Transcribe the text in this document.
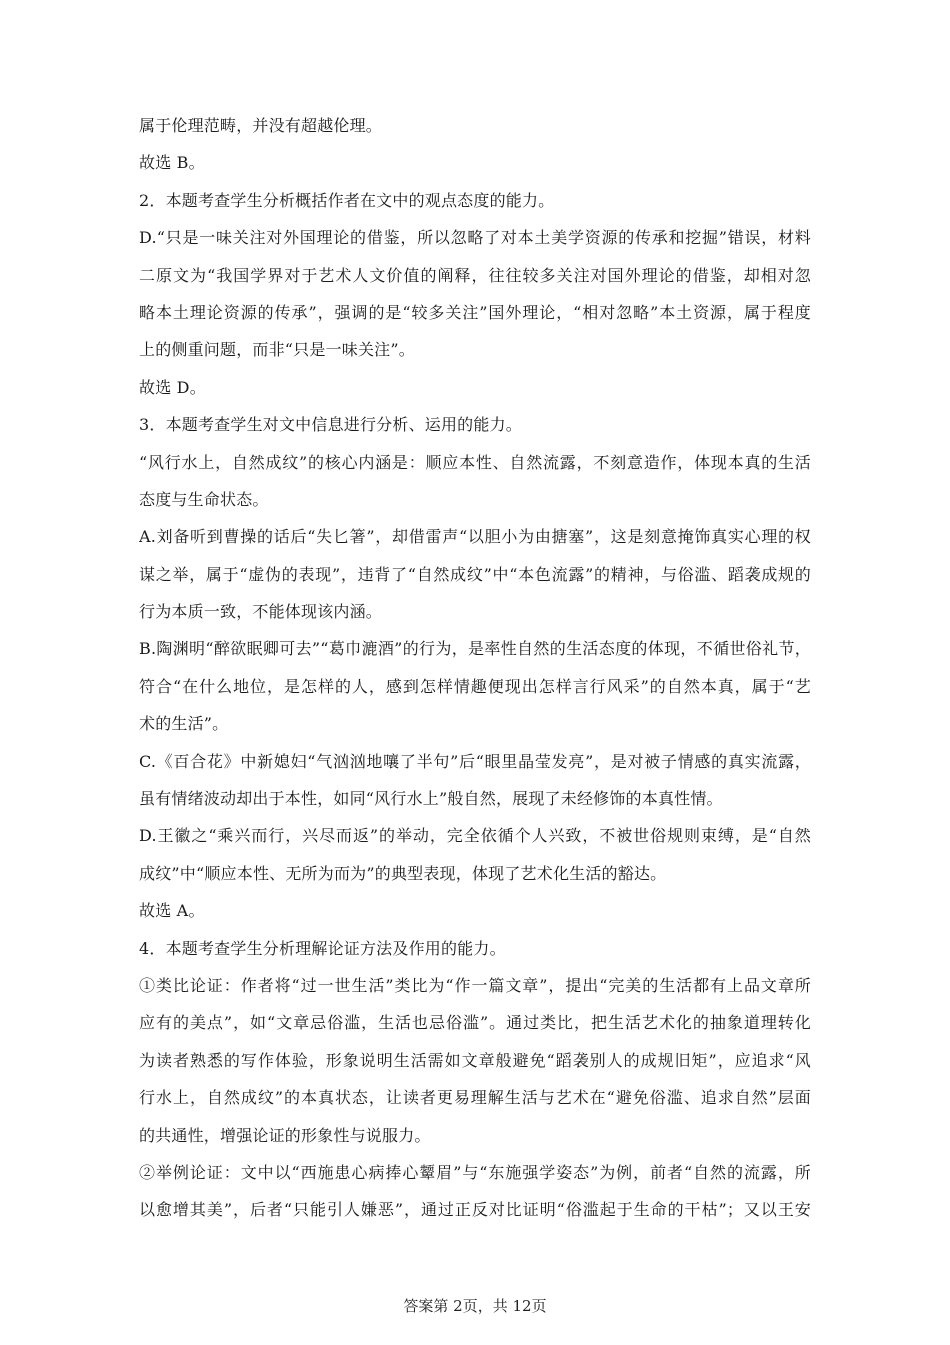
属于伦理范畴，并没有超越伦理。
故选 B。
2．本题考查学生分析概括作者在文中的观点态度的能力。
D.“只是一味关注对外国理论的借鉴，所以忽略了对本土美学资源的传承和挖掘”错误，材料
二原文为“我国学界对于艺术人文价值的阐释，往往较多关注对国外理论的借鉴，却相对忽
略本土理论资源的传承”，强调的是“较多关注”国外理论，“相对忽略”本土资源，属于程度
上的侧重问题，而非“只是一味关注”。
故选 D。
3．本题考查学生对文中信息进行分析、运用的能力。
“风行水上，自然成纹”的核心内涵是：顺应本性、自然流露，不刻意造作，体现本真的生活
态度与生命状态。
A.刘备听到曹操的话后“失匕箸”，却借雷声“以胆小为由搪塞”，这是刻意掩饰真实心理的权
谋之举，属于“虚伪的表现”，违背了“自然成纹”中“本色流露”的精神，与俗滥、蹈袭成规的
行为本质一致，不能体现该内涵。
B.陶渊明“醉欲眠卿可去”“葛巾漉酒”的行为，是率性自然的生活态度的体现，不循世俗礼节，
符合“在什么地位，是怎样的人，感到怎样情趣便现出怎样言行风采”的自然本真，属于“艺
术的生活”。
C.《百合花》中新媳妇“气汹汹地嚷了半句”后“眼里晶莹发亮”，是对被子情感的真实流露，
虽有情绪波动却出于本性，如同“风行水上”般自然，展现了未经修饰的本真性情。
D.王徽之“乘兴而行，兴尽而返”的举动，完全依循个人兴致，不被世俗规则束缚，是“自然
成纹”中“顺应本性、无所为而为”的典型表现，体现了艺术化生活的豁达。
故选 A。
4．本题考查学生分析理解论证方法及作用的能力。
①类比论证：作者将“过一世生活”类比为“作一篇文章”，提出“完美的生活都有上品文章所
应有的美点”，如“文章忌俗滥，生活也忌俗滥”。通过类比，把生活艺术化的抽象道理转化
为读者熟悉的写作体验，形象说明生活需如文章般避免“蹈袭别人的成规旧矩”，应追求“风
行水上，自然成纹”的本真状态，让读者更易理解生活与艺术在“避免俗滥、追求自然”层面
的共通性，增强论证的形象性与说服力。
②举例论证：文中以“西施患心病捧心颦眉”与“东施强学姿态”为例，前者“自然的流露，所
以愈增其美”，后者“只能引人嫌恶”，通过正反对比证明“俗滥起于生命的干枯”；又以王安
答案第 2页，共 12页
